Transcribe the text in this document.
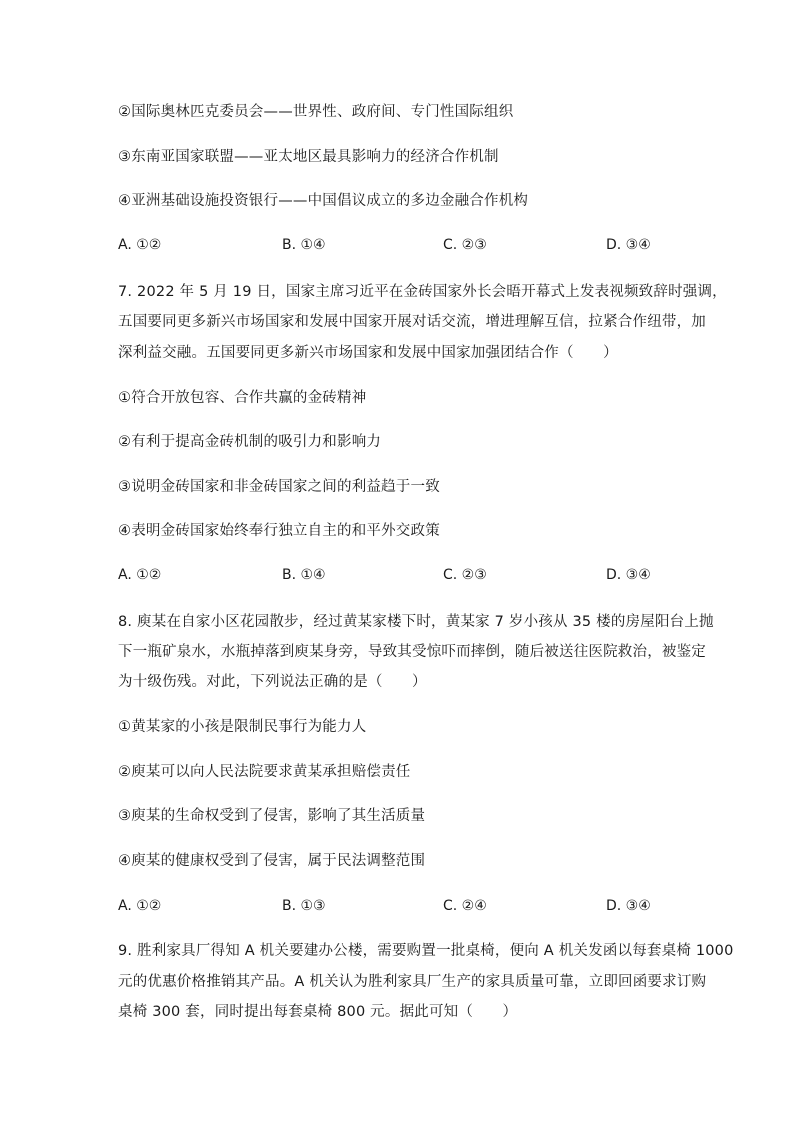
②国际奥林匹克委员会——世界性、政府间、专门性国际组织
③东南亚国家联盟——亚太地区最具影响力的经济合作机制
④亚洲基础设施投资银行——中国倡议成立的多边金融合作机构
A. ①②	B. ①④	C. ②③	D. ③④
7. 2022 年 5 月 19 日，国家主席习近平在金砖国家外长会晤开幕式上发表视频致辞时强调，
五国要同更多新兴市场国家和发展中国家开展对话交流，增进理解互信，拉紧合作纽带，加
深利益交融。五国要同更多新兴市场国家和发展中国家加强团结合作（　　）
①符合开放包容、合作共赢的金砖精神
②有利于提高金砖机制的吸引力和影响力
③说明金砖国家和非金砖国家之间的利益趋于一致
④表明金砖国家始终奉行独立自主的和平外交政策
A. ①②	B. ①④	C. ②③	D. ③④
8. 庾某在自家小区花园散步，经过黄某家楼下时，黄某家 7 岁小孩从 35 楼的房屋阳台上抛
下一瓶矿泉水，水瓶掉落到庾某身旁，导致其受惊吓而摔倒，随后被送往医院救治，被鉴定
为十级伤残。对此，下列说法正确的是（　　）
①黄某家的小孩是限制民事行为能力人
②庾某可以向人民法院要求黄某承担赔偿责任
③庾某的生命权受到了侵害，影响了其生活质量
④庾某的健康权受到了侵害，属于民法调整范围
A. ①②	B. ①③	C. ②④	D. ③④
9. 胜利家具厂得知 A 机关要建办公楼，需要购置一批桌椅，便向 A 机关发函以每套桌椅 1000
元的优惠价格推销其产品。A 机关认为胜利家具厂生产的家具质量可靠，立即回函要求订购
桌椅 300 套，同时提出每套桌椅 800 元。据此可知（　　）
